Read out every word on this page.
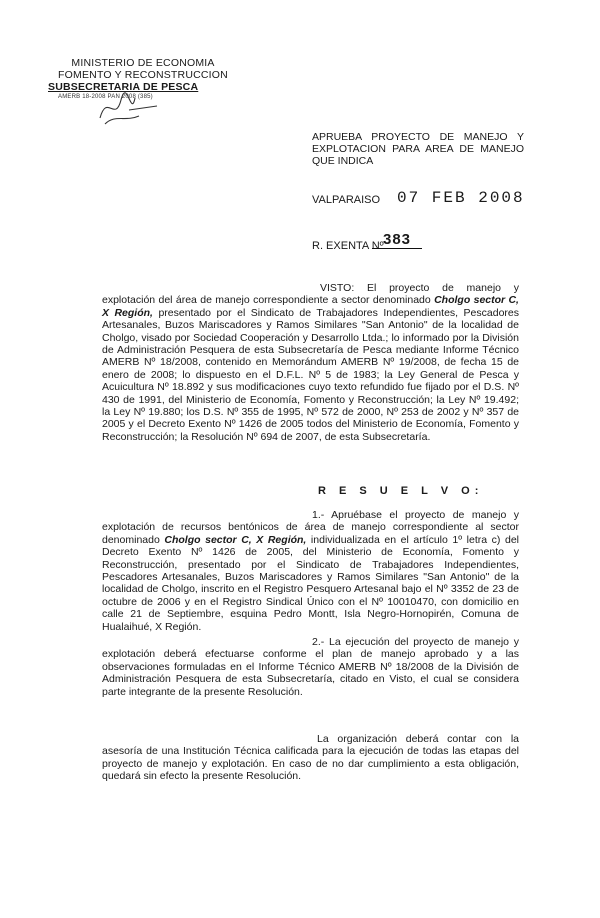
MINISTERIO DE ECONOMIA
FOMENTO Y RECONSTRUCCION
SUBSECRETARIA DE PESCA
AMERB 18-2008 PAN 2008 (385)
APRUEBA PROYECTO DE MANEJO Y EXPLOTACION PARA AREA DE MANEJO QUE INDICA
VALPARAISO 07 FEB 2008
R. EXENTA Nº 383
VISTO: El proyecto de manejo y explotación del área de manejo correspondiente a sector denominado Cholgo sector C, X Región, presentado por el Sindicato de Trabajadores Independientes, Pescadores Artesanales, Buzos Mariscadores y Ramos Similares "San Antonio" de la localidad de Cholgo, visado por Sociedad Cooperación y Desarrollo Ltda.; lo informado por la División de Administración Pesquera de esta Subsecretaría de Pesca mediante Informe Técnico AMERB Nº 18/2008, contenido en Memorándum AMERB Nº 19/2008, de fecha 15 de enero de 2008; lo dispuesto en el D.F.L. Nº 5 de 1983; la Ley General de Pesca y Acuicultura Nº 18.892 y sus modificaciones cuyo texto refundido fue fijado por el D.S. Nº 430 de 1991, del Ministerio de Economía, Fomento y Reconstrucción; la Ley Nº 19.492; la Ley Nº 19.880; los D.S. Nº 355 de 1995, Nº 572 de 2000, Nº 253 de 2002 y Nº 357 de 2005 y el Decreto Exento Nº 1426 de 2005 todos del Ministerio de Economía, Fomento y Reconstrucción; la Resolución Nº 694 de 2007, de esta Subsecretaría.
R E S U E L V O:
1.- Apruébase el proyecto de manejo y explotación de recursos bentónicos de área de manejo correspondiente al sector denominado Cholgo sector C, X Región, individualizada en el artículo 1º letra c) del Decreto Exento Nº 1426 de 2005, del Ministerio de Economía, Fomento y Reconstrucción, presentado por el Sindicato de Trabajadores Independientes, Pescadores Artesanales, Buzos Mariscadores y Ramos Similares "San Antonio" de la localidad de Cholgo, inscrito en el Registro Pesquero Artesanal bajo el Nº 3352 de 23 de octubre de 2006 y en el Registro Sindical Único con el Nº 10010470, con domicilio en calle 21 de Septiembre, esquina Pedro Montt, Isla Negro-Hornopirén, Comuna de Hualaihué, X Región.
2.- La ejecución del proyecto de manejo y explotación deberá efectuarse conforme el plan de manejo aprobado y a las observaciones formuladas en el Informe Técnico AMERB Nº 18/2008 de la División de Administración Pesquera de esta Subsecretaría, citado en Visto, el cual se considera parte integrante de la presente Resolución.
La organización deberá contar con la asesoría de una Institución Técnica calificada para la ejecución de todas las etapas del proyecto de manejo y explotación. En caso de no dar cumplimiento a esta obligación, quedará sin efecto la presente Resolución.
